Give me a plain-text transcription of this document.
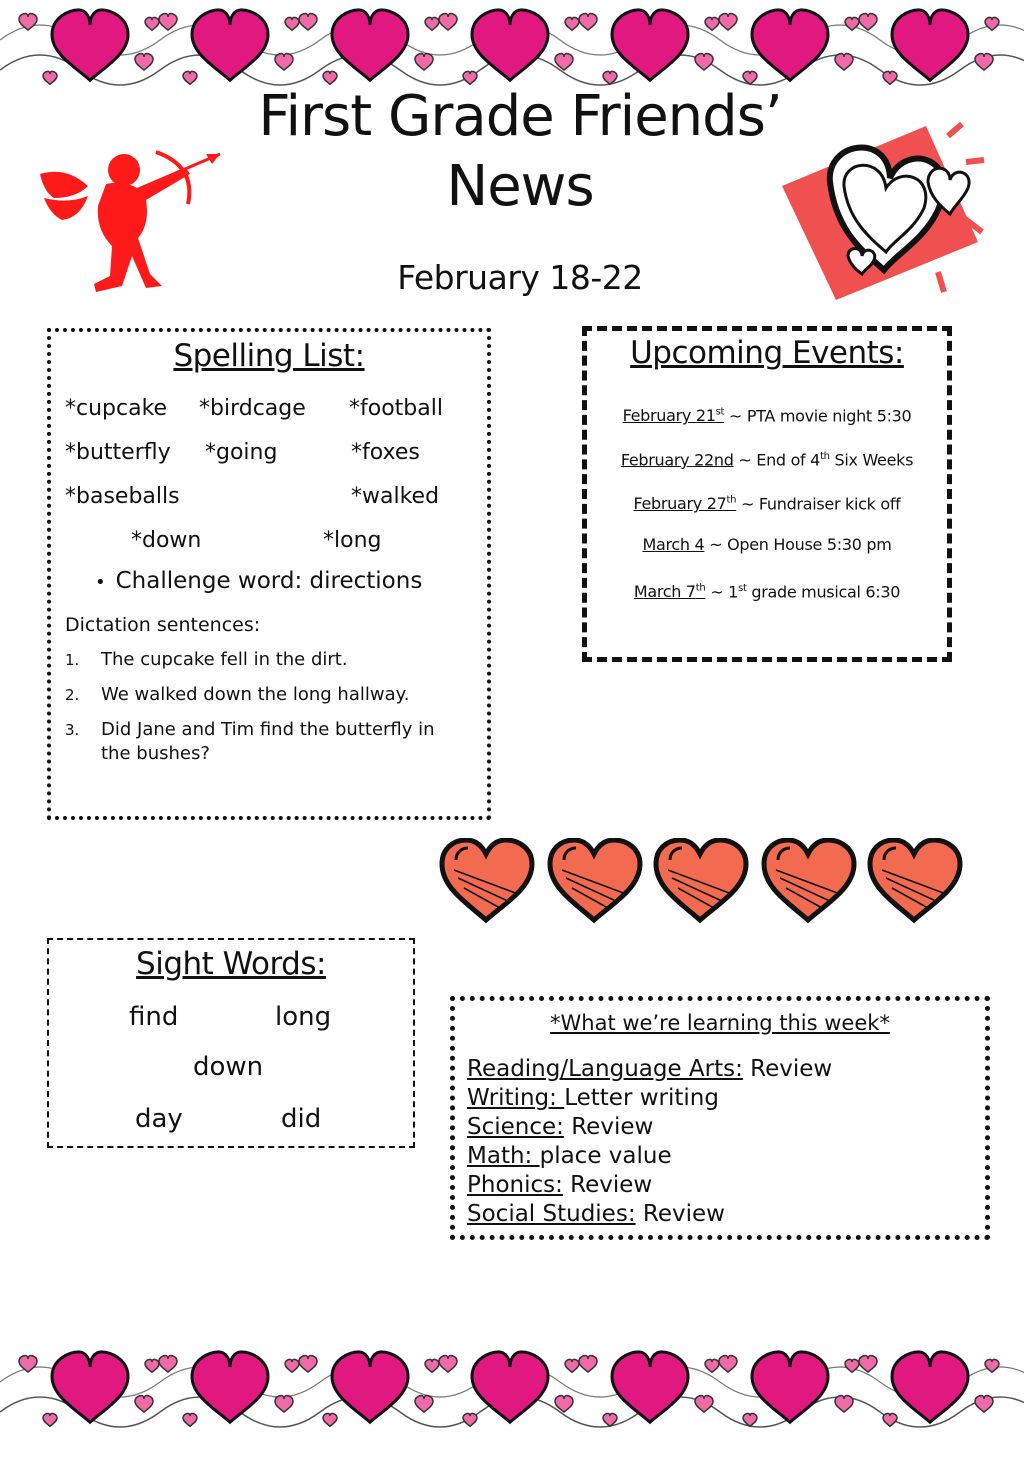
First Grade Friends’
News
February 18-22
Spelling List:
*cupcake *birdcage *football
*butterfly *going	*foxes
*baseballs	*walked
*down	*long
• Challenge word: directions
Dictation sentences:
1. The cupcake fell in the dirt.
2. We walked down the long hallway.
3. Did Jane and Tim find the butterfly in the bushes?
Upcoming Events:
February 21st ~ PTA movie night 5:30
February 22nd ~ End of 4th Six Weeks
February 27th ~ Fundraiser kick off
March 4 ~ Open House 5:30 pm
March 7th ~ 1st grade musical 6:30
Sight Words:
find	long
down
day	did
*What we’re learning this week*
Reading/Language Arts: Review
Writing: Letter writing
Science: Review
Math: place value
Phonics: Review
Social Studies: Review
